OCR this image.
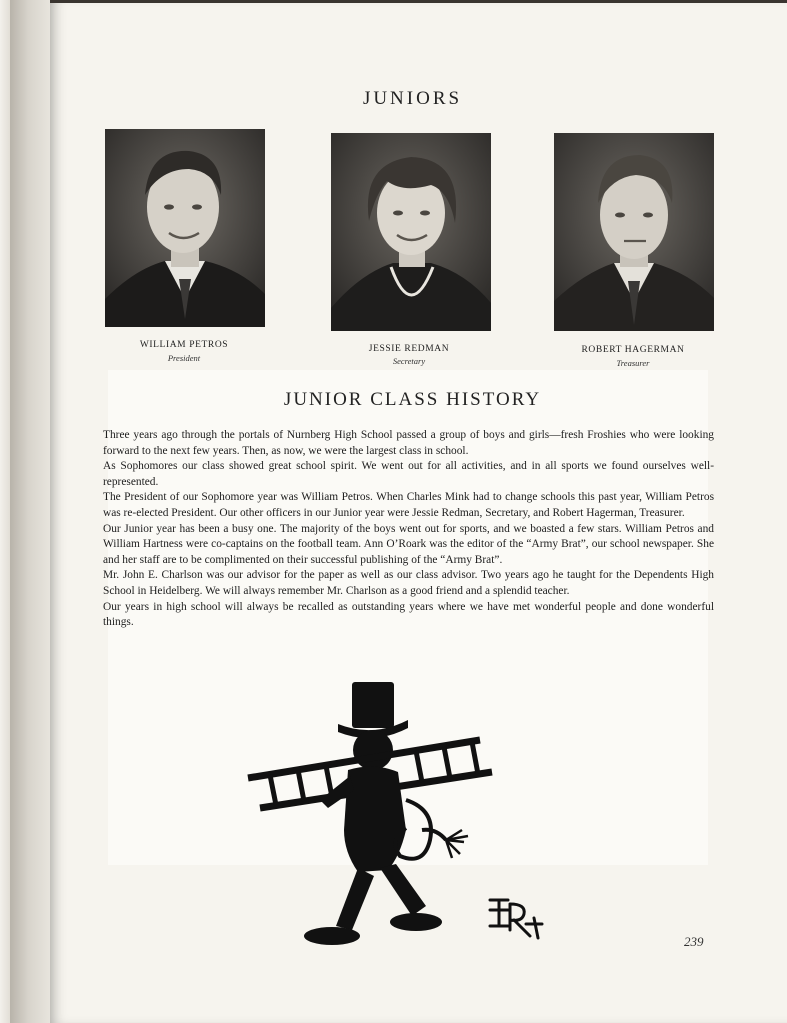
JUNIORS
WILLIAM PETROS
President
JESSIE REDMAN
Secretary
ROBERT HAGERMAN
Treasurer
JUNIOR CLASS HISTORY

Three years ago through the portals of Nurnberg High School passed a group of boys and girls—fresh Froshies who were looking forward to the next few years. Then, as now, we were the largest class in school.

As Sophomores our class showed great school spirit. We went out for all activities, and in all sports we found ourselves well-represented.

The President of our Sophomore year was William Petros. When Charles Mink had to change schools this past year, William Petros was re-elected President. Our other officers in our Junior year were Jessie Redman, Secretary, and Robert Hagerman, Treasurer.

Our Junior year has been a busy one. The majority of the boys went out for sports, and we boasted a few stars. William Petros and William Hartness were co-captains on the football team. Ann O’Roark was the editor of the “Army Brat”, our school newspaper. She and her staff are to be complimented on their successful publishing of the “Army Brat”.

Mr. John E. Charlson was our advisor for the paper as well as our class advisor. Two years ago he taught for the Dependents High School in Heidelberg. We will always remember Mr. Charlson as a good friend and a splendid teacher.

Our years in high school will always be recalled as outstanding years where we have met wonderful people and done wonderful things.

239
